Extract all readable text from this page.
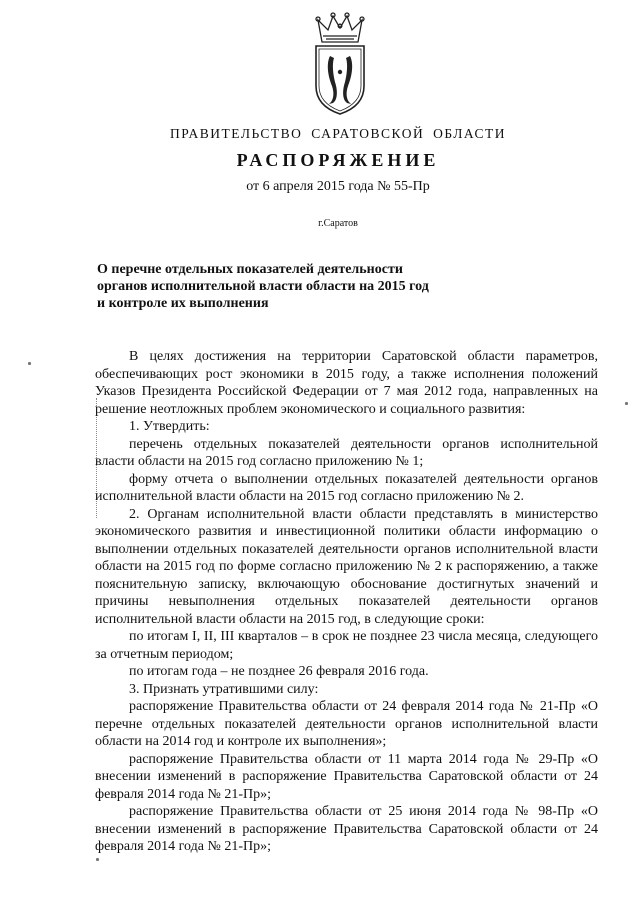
ПРАВИТЕЛЬСТВО САРАТОВСКОЙ ОБЛАСТИ
РАСПОРЯЖЕНИЕ
от 6 апреля 2015 года № 55-Пр
г.Саратов
О перечне отдельных показателей деятельности
органов исполнительной власти области на 2015 год
и контроле их выполнения

В целях достижения на территории Саратовской области параметров, обеспечивающих рост экономики в 2015 году, а также исполнения положений Указов Президента Российской Федерации от 7 мая 2012 года, направленных на решение неотложных проблем экономического и социального развития:

1. Утвердить:

перечень отдельных показателей деятельности органов исполнительной власти области на 2015 год согласно приложению № 1;

форму отчета о выполнении отдельных показателей деятельности органов исполнительной власти области на 2015 год согласно приложению № 2.

2. Органам исполнительной власти области представлять в министерство экономического развития и инвестиционной политики области информацию о выполнении отдельных показателей деятельности органов исполнительной власти области на 2015 год по форме согласно приложению № 2 к распоряжению, а также пояснительную записку, включающую обоснование достигнутых значений и причины невыполнения отдельных показателей деятельности органов исполнительной власти области на 2015 год, в следующие сроки:

по итогам I, II, III кварталов – в срок не позднее 23 числа месяца, следующего за отчетным периодом;

по итогам года – не позднее 26 февраля 2016 года.

3. Признать утратившими силу:

распоряжение Правительства области от 24 февраля 2014 года № 21-Пр «О перечне отдельных показателей деятельности органов исполнительной власти области на 2014 год и контроле их выполнения»;

распоряжение Правительства области от 11 марта 2014 года № 29-Пр «О внесении изменений в распоряжение Правительства Саратовской области от 24 февраля 2014 года № 21-Пр»;

распоряжение Правительства области от 25 июня 2014 года № 98-Пр «О внесении изменений в распоряжение Правительства Саратовской области от 24 февраля 2014 года № 21-Пр»;
